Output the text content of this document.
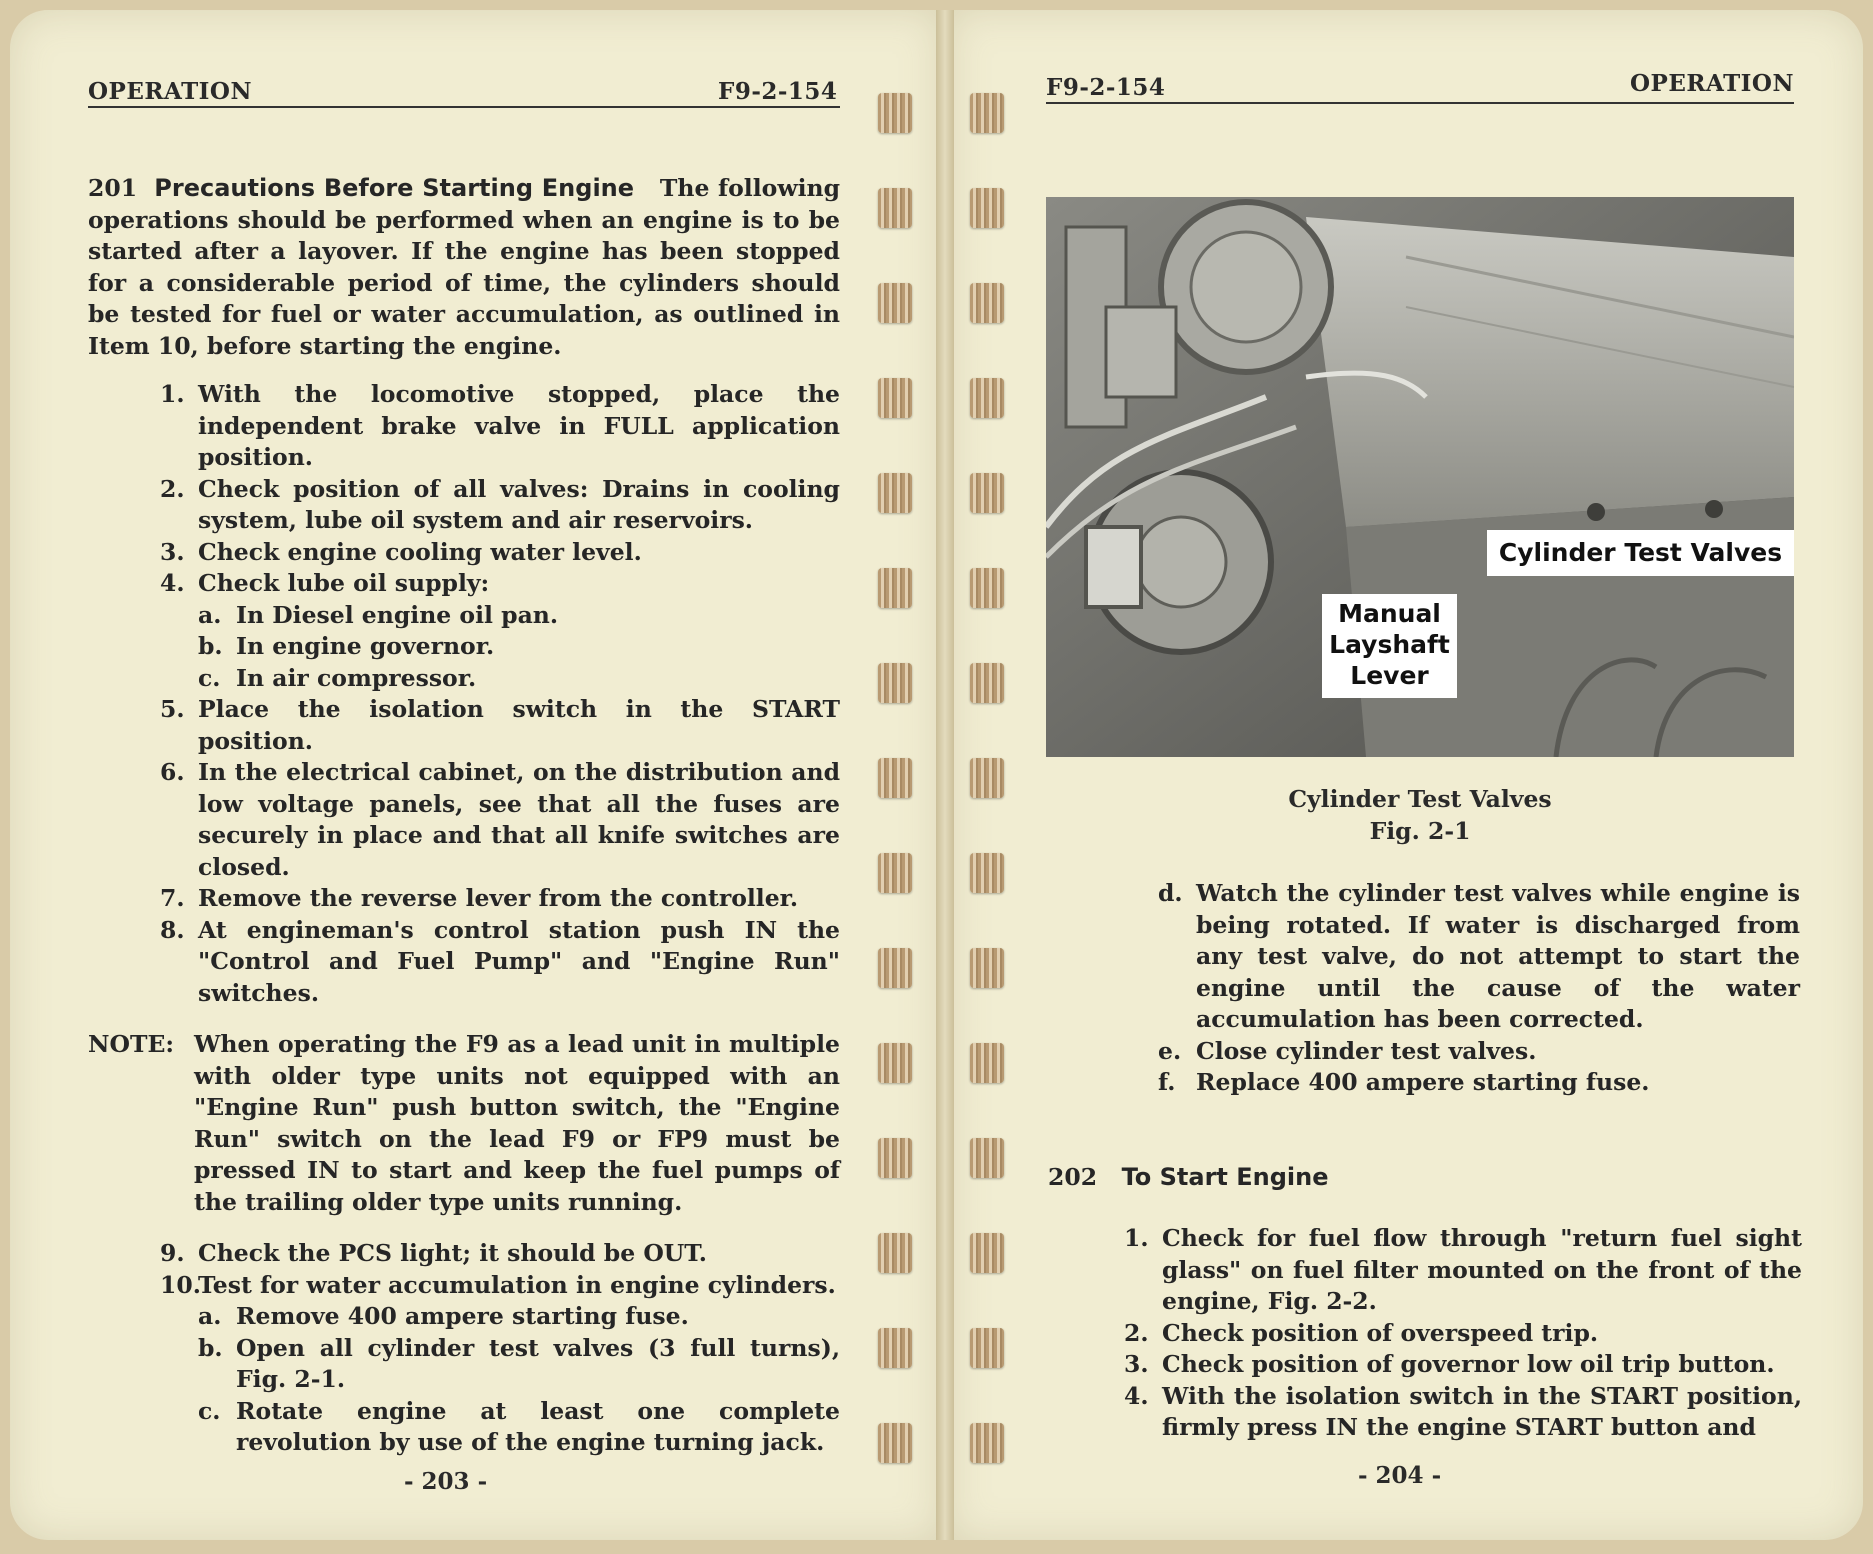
OPERATION	F9-2-154

201 Precautions Before Starting Engine The following operations should be performed when an engine is to be started after a layover. If the engine has been stopped for a considerable period of time, the cylinders should be tested for fuel or water accumulation, as outlined in Item 10, before starting the engine.

1. With the locomotive stopped, place the independent brake valve in FULL application position.
2. Check position of all valves: Drains in cooling system, lube oil system and air reservoirs.
3. Check engine cooling water level.
4. Check lube oil supply:
a. In Diesel engine oil pan.
b. In engine governor.
c. In air compressor.
5. Place the isolation switch in the START position.
6. In the electrical cabinet, on the distribution and low voltage panels, see that all the fuses are securely in place and that all knife switches are closed.
7. Remove the reverse lever from the controller.
8. At engineman's control station push IN the "Control and Fuel Pump" and "Engine Run" switches.
NOTE: When operating the F9 as a lead unit in multiple with older type units not equipped with an "Engine Run" push button switch, the "Engine Run" switch on the lead F9 or FP9 must be pressed IN to start and keep the fuel pumps of the trailing older type units running.
9. Check the PCS light; it should be OUT.
10.
Test for water accumulation in engine cylinders.
a. Remove 400 ampere starting fuse.
b. Open all cylinder test valves (3 full turns), Fig. 2-1.
c. Rotate engine at least one complete revolution by use of the engine turning jack.
- 203 -
F9-2-154	OPERATION
Cylinder Test Valves
Manual Layshaft Lever
Cylinder Test Valves
Fig. 2-1
d. Watch the cylinder test valves while engine is being rotated. If water is discharged from any test valve, do not attempt to start the engine until the cause of the water accumulation has been corrected.
e. Close cylinder test valves.
f. Replace 400 ampere starting fuse.
202 To Start Engine
1. Check for fuel flow through "return fuel sight glass" on fuel filter mounted on the front of the engine, Fig. 2-2.
2. Check position of overspeed trip.
3. Check position of governor low oil trip button.
4. With the isolation switch in the START position, firmly press IN the engine START button and
- 204 -
